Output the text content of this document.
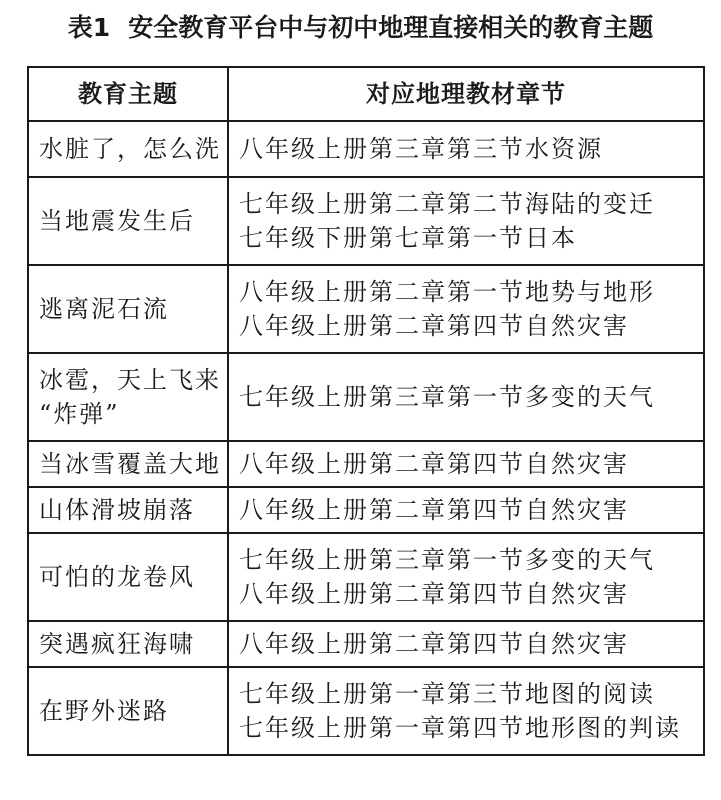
表1 安全教育平台中与初中地理直接相关的教育主题
教育主题	对应地理教材章节

水脏了，怎么洗	八年级上册第三章第三节水资源

当地震发生后	七年级上册第二章第二节海陆的变迁
七年级下册第七章第一节日本

逃离泥石流	八年级上册第二章第一节地势与地形
八年级上册第二章第四节自然灾害

冰雹，天上飞来
“炸弹”	七年级上册第三章第一节多变的天气

当冰雪覆盖大地	八年级上册第二章第四节自然灾害

山体滑坡崩落	八年级上册第二章第四节自然灾害

可怕的龙卷风	七年级上册第三章第一节多变的天气
八年级上册第二章第四节自然灾害

突遇疯狂海啸	八年级上册第二章第四节自然灾害

在野外迷路	七年级上册第一章第三节地图的阅读
七年级上册第一章第四节地形图的判读
